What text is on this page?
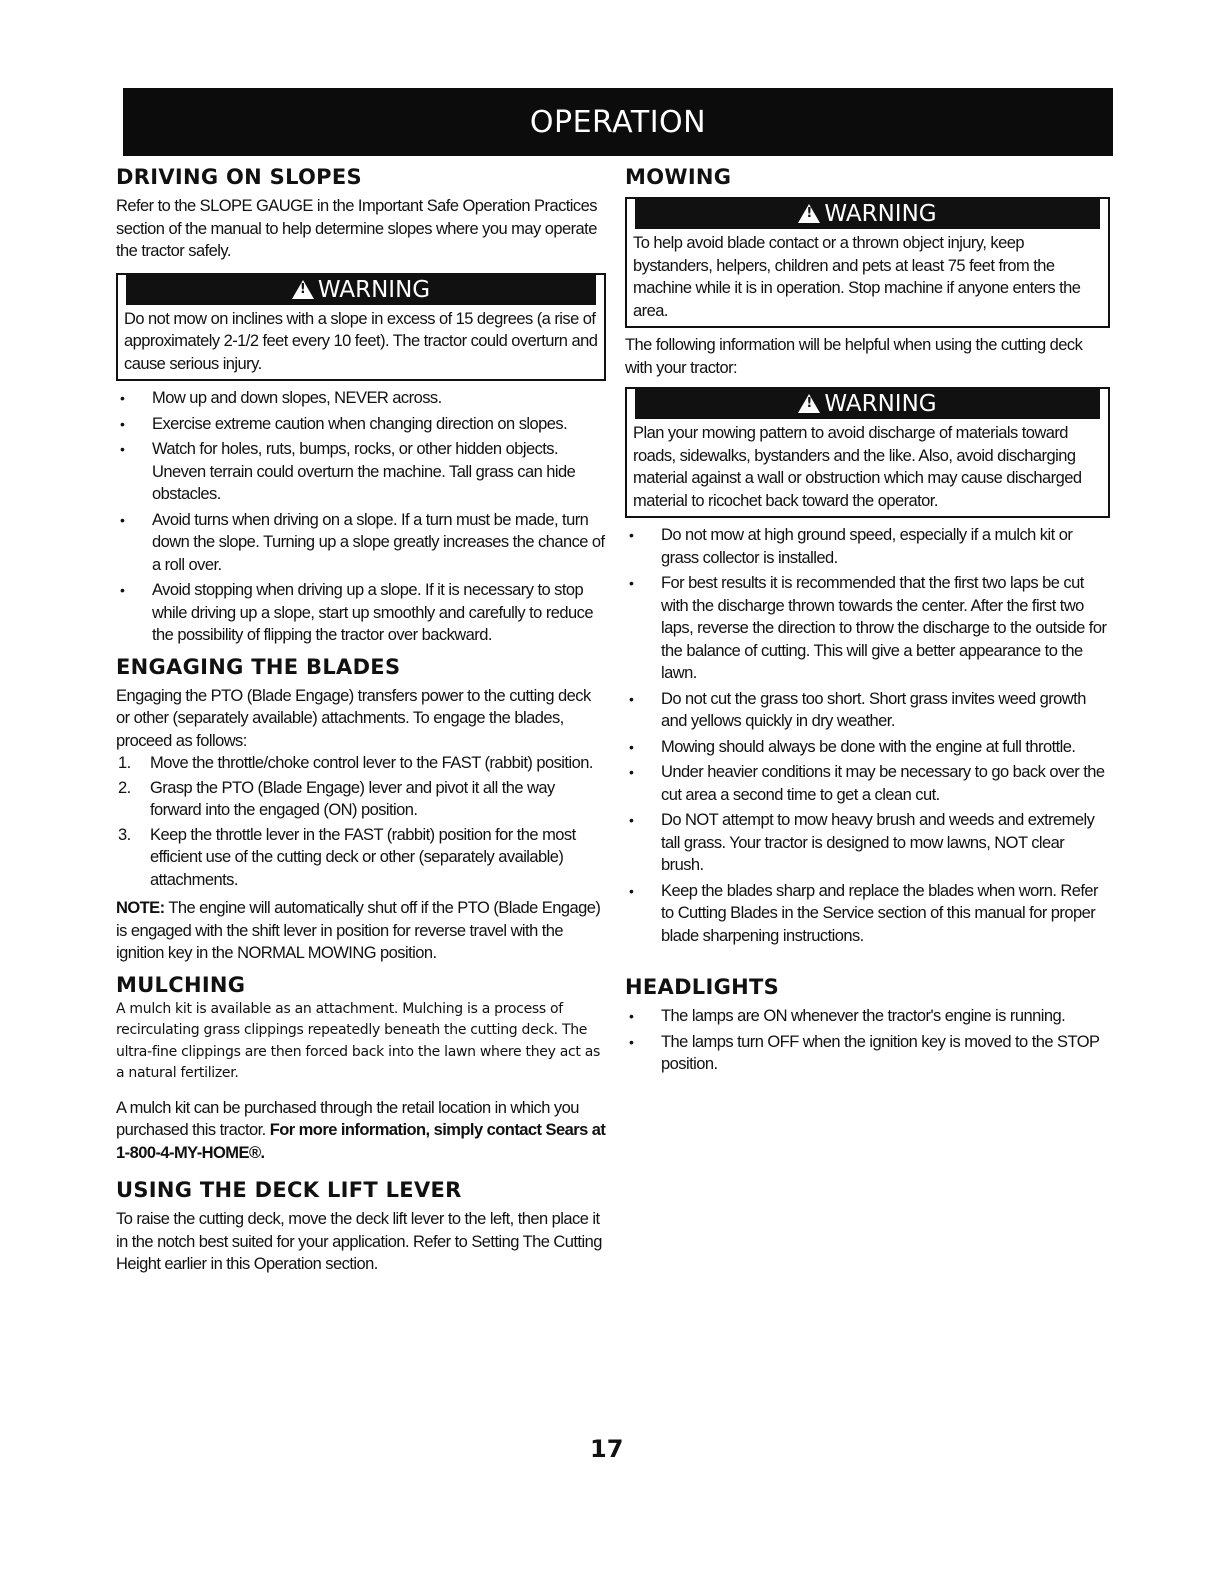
OPERATION
DRIVING ON SLOPES

Refer to the SLOPE GAUGE in the Important Safe Operation Practices section of the manual to help determine slopes where you may operate the tractor safely.

!WARNING
Do not mow on inclines with a slope in excess of 15 degrees (a rise of approximately 2-1/2 feet every 10 feet). The tractor could overturn and cause serious injury.
• Mow up and down slopes, NEVER across.
• Exercise extreme caution when changing direction on slopes.
• Watch for holes, ruts, bumps, rocks, or other hidden objects. Uneven terrain could overturn the machine. Tall grass can hide obstacles.
• Avoid turns when driving on a slope. If a turn must be made, turn down the slope. Turning up a slope greatly increases the chance of a roll over.
• Avoid stopping when driving up a slope. If it is necessary to stop while driving up a slope, start up smoothly and carefully to reduce the possibility of flipping the tractor over backward.
ENGAGING THE BLADES

Engaging the PTO (Blade Engage) transfers power to the cutting deck or other (separately available) attachments. To engage the blades, proceed as follows:

1. Move the throttle/choke control lever to the FAST (rabbit) position.
2. Grasp the PTO (Blade Engage) lever and pivot it all the way forward into the engaged (ON) position.
3. Keep the throttle lever in the FAST (rabbit) position for the most efficient use of the cutting deck or other (separately available) attachments.

NOTE: The engine will automatically shut off if the PTO (Blade Engage) is engaged with the shift lever in position for reverse travel with the ignition key in the NORMAL MOWING position.

MULCHING

A mulch kit is available as an attachment. Mulching is a process of recirculating grass clippings repeatedly beneath the cutting deck. The ultra-fine clippings are then forced back into the lawn where they act as a natural fertilizer.

A mulch kit can be purchased through the retail location in which you purchased this tractor. For more information, simply contact Sears at 1-800-4-MY-HOME®.

USING THE DECK LIFT LEVER

To raise the cutting deck, move the deck lift lever to the left, then place it in the notch best suited for your application. Refer to Setting The Cutting Height earlier in this Operation section.

MOWING
!WARNING
To help avoid blade contact or a thrown object injury, keep bystanders, helpers, children and pets at least 75 feet from the machine while it is in operation. Stop machine if anyone enters the area.

The following information will be helpful when using the cutting deck with your tractor:

!WARNING
Plan your mowing pattern to avoid discharge of materials toward roads, sidewalks, bystanders and the like. Also, avoid discharging material against a wall or obstruction which may cause discharged material to ricochet back toward the operator.
• Do not mow at high ground speed, especially if a mulch kit or grass collector is installed.
• For best results it is recommended that the first two laps be cut with the discharge thrown towards the center. After the first two laps, reverse the direction to throw the discharge to the outside for the balance of cutting. This will give a better appearance to the lawn.
• Do not cut the grass too short. Short grass invites weed growth and yellows quickly in dry weather.
• Mowing should always be done with the engine at full throttle.
• Under heavier conditions it may be necessary to go back over the cut area a second time to get a clean cut.
• Do NOT attempt to mow heavy brush and weeds and extremely tall grass. Your tractor is designed to mow lawns, NOT clear brush.
• Keep the blades sharp and replace the blades when worn. Refer to Cutting Blades in the Service section of this manual for proper blade sharpening instructions.
HEADLIGHTS
• The lamps are ON whenever the tractor's engine is running.
• The lamps turn OFF when the ignition key is moved to the STOP position.
17
